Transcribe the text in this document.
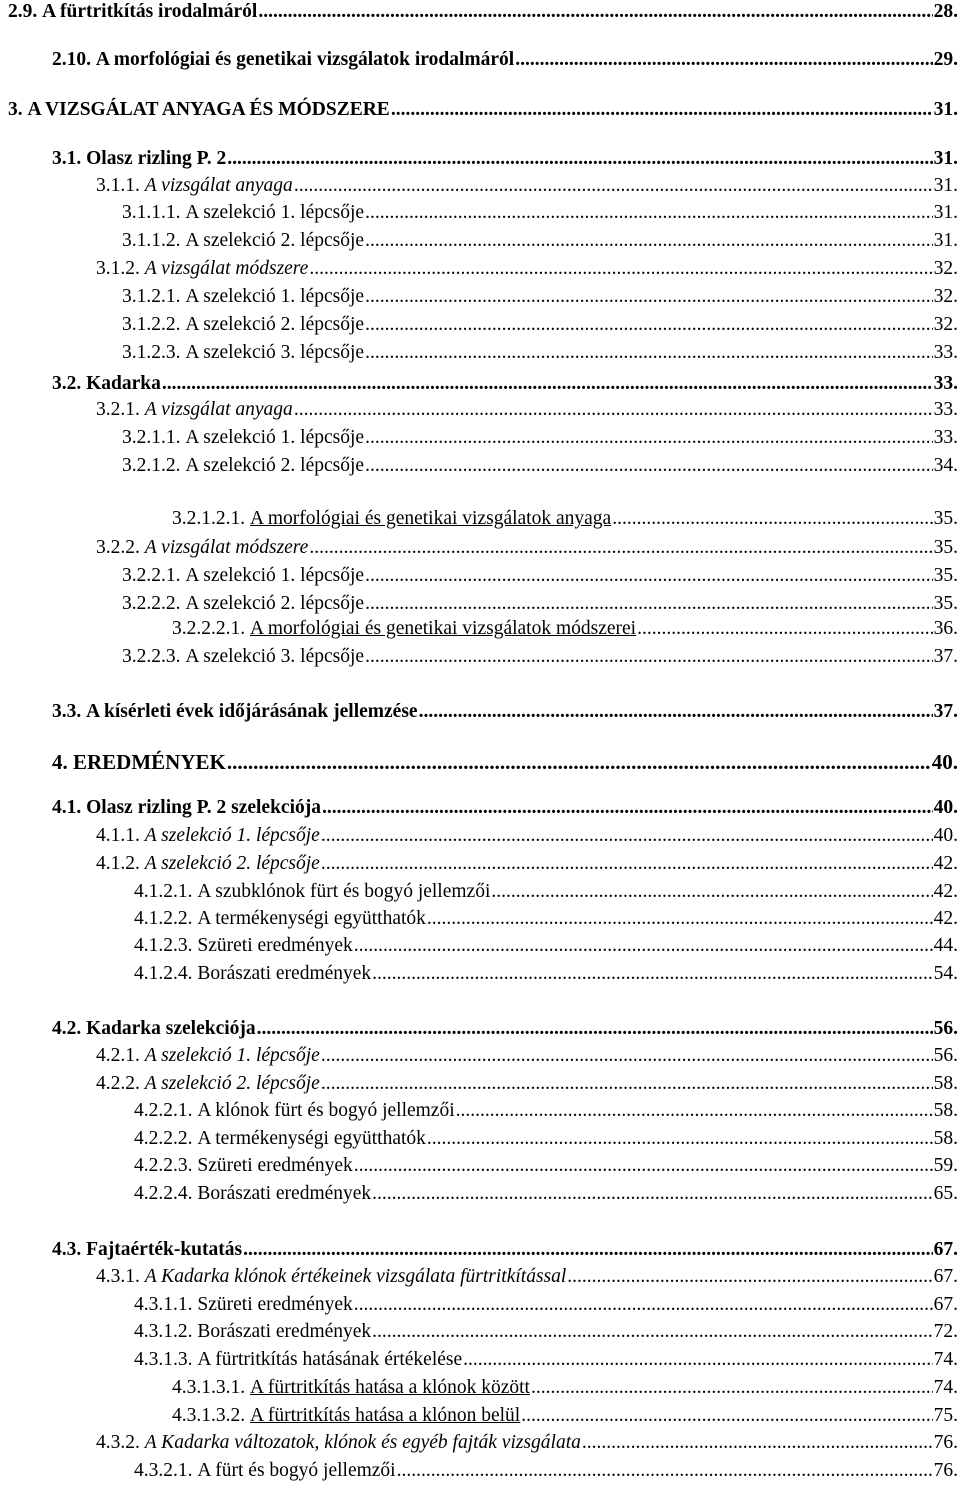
2.9. A fürtritkítás irodalmáról .....	28.
2.10. A morfológiai és genetikai vizsgálatok irodalmáról .....	29.
3. A VIZSGÁLAT ANYAGA ÉS MÓDSZERE .....	31.
3.1. Olasz rizling P. 2 .....	31.
3.1.1. A vizsgálat anyaga .....	31.
3.1.1.1. A szelekció 1. lépcsője .....	31.
3.1.1.2. A szelekció 2. lépcsője .....	31.
3.1.2. A vizsgálat módszere .....	32.
3.1.2.1. A szelekció 1. lépcsője .....	32.
3.1.2.2. A szelekció 2. lépcsője .....	32.
3.1.2.3. A szelekció 3. lépcsője .....	33.
3.2. Kadarka .....	33.
3.2.1. A vizsgálat anyaga .....	33.
3.2.1.1. A szelekció 1. lépcsője .....	33.
3.2.1.2. A szelekció 2. lépcsője .....	34.
3.2.1.2.1. A morfológiai és genetikai vizsgálatok anyaga .....	35.
3.2.2. A vizsgálat módszere .....	35.
3.2.2.1. A szelekció 1. lépcsője .....	35.
3.2.2.2. A szelekció 2. lépcsője .....	35.
3.2.2.2.1. A morfológiai és genetikai vizsgálatok módszerei .....	36.
3.2.2.3. A szelekció 3. lépcsője .....	37.
3.3. A kísérleti évek időjárásának jellemzése .....	37.
4. EREDMÉNYEK .....	40.
4.1. Olasz rizling P. 2 szelekciója .....	40.
4.1.1. A szelekció 1. lépcsője .....	40.
4.1.2. A szelekció 2. lépcsője .....	42.
4.1.2.1. A szubklónok fürt és bogyó jellemzői .....	42.
4.1.2.2. A termékenységi együtthatók .....	42.
4.1.2.3. Szüreti eredmények .....	44.
4.1.2.4. Borászati eredmények .....	54.
4.2. Kadarka szelekciója .....	56.
4.2.1. A szelekció 1. lépcsője .....	56.
4.2.2. A szelekció 2. lépcsője .....	58.
4.2.2.1. A klónok fürt és bogyó jellemzői .....	58.
4.2.2.2. A termékenységi együtthatók .....	58.
4.2.2.3. Szüreti eredmények .....	59.
4.2.2.4. Borászati eredmények .....	65.
4.3. Fajtaérték-kutatás .....	67.
4.3.1. A Kadarka klónok értékeinek vizsgálata fürtritkítással .....	67.
4.3.1.1. Szüreti eredmények .....	67.
4.3.1.2. Borászati eredmények .....	72.
4.3.1.3. A fürtritkítás hatásának értékelése .....	74.
4.3.1.3.1. A fürtritkítás hatása a klónok között .....	74.
4.3.1.3.2. A fürtritkítás hatása a klónon belül .....	75.
4.3.2. A Kadarka változatok, klónok és egyéb fajták vizsgálata .....	76.
4.3.2.1. A fürt és bogyó jellemzői .....	76.
